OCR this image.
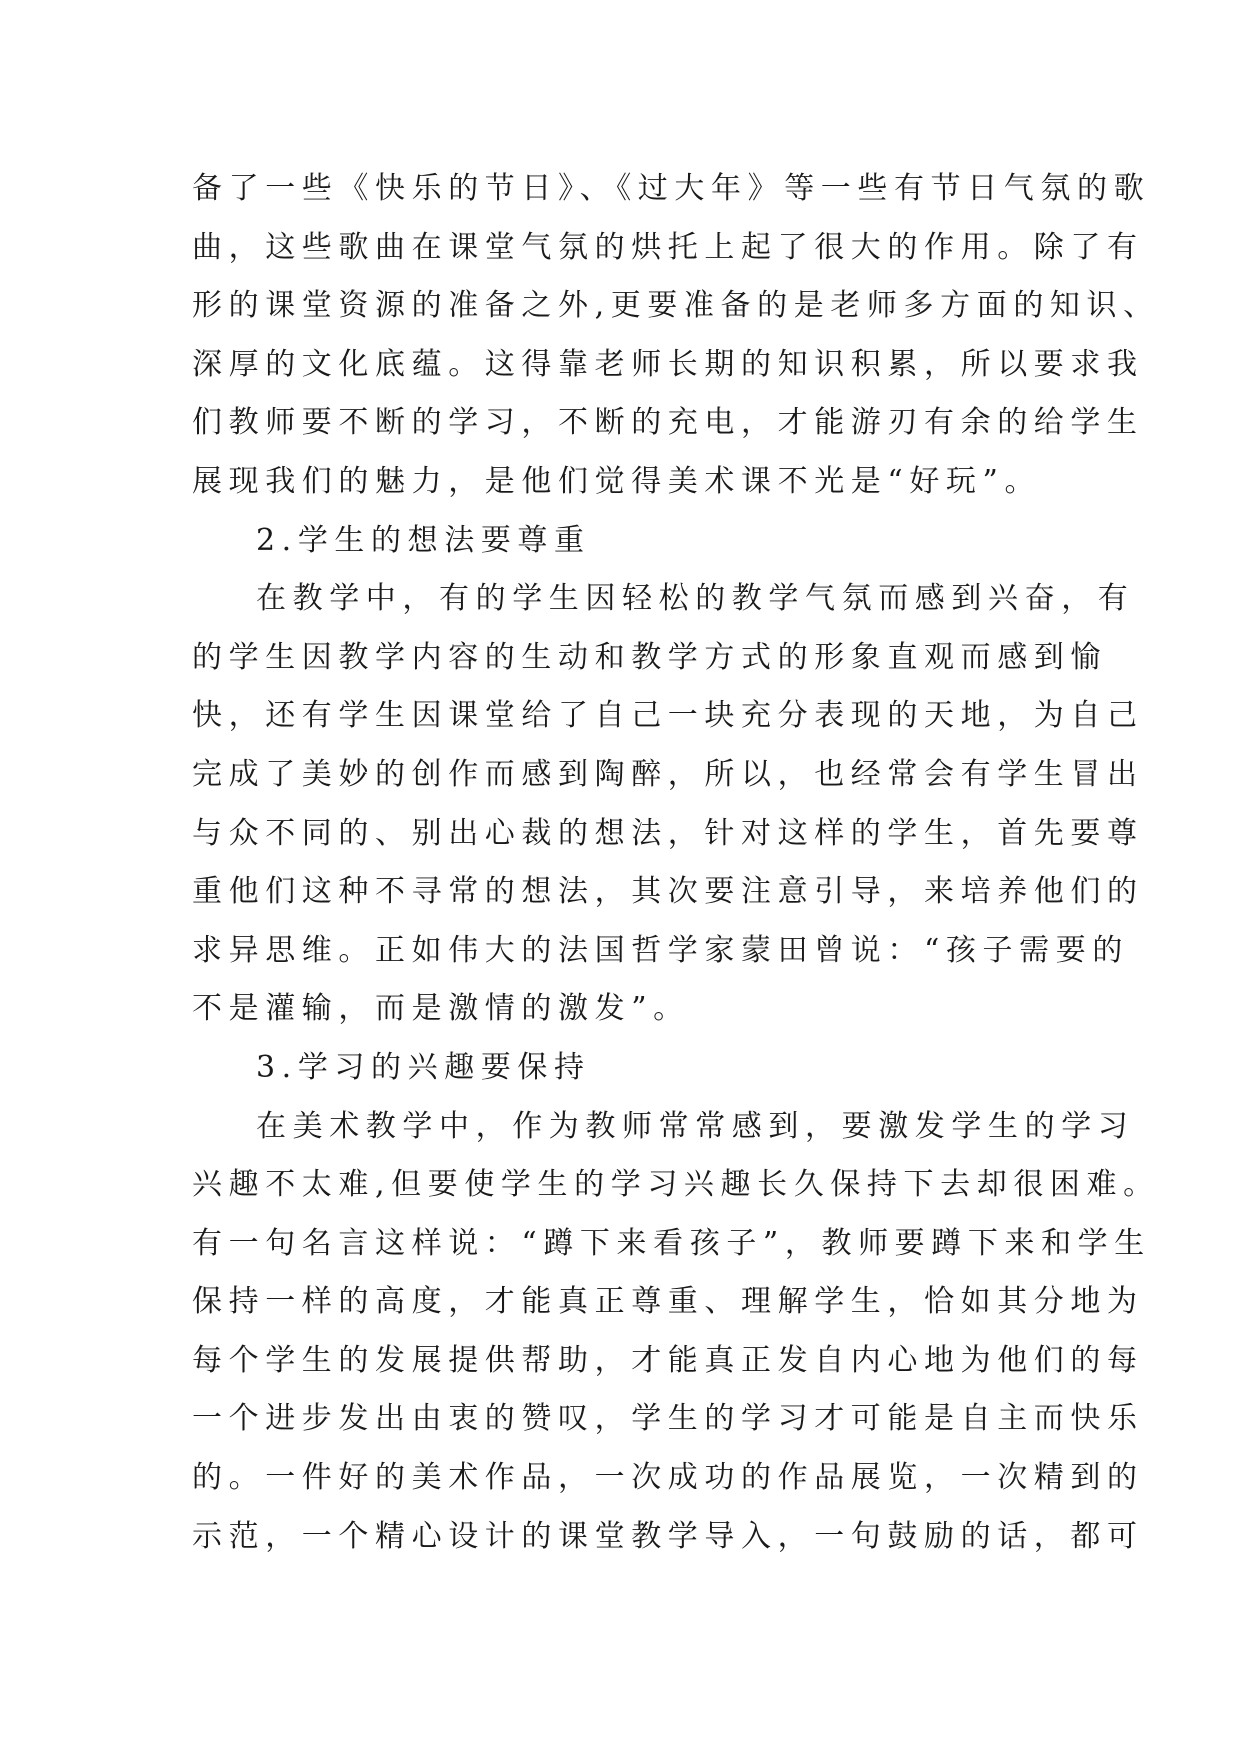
备了一些《快乐的节日》、《过大年》等一些有节日气氛的歌
曲，这些歌曲在课堂气氛的烘托上起了很大的作用。除了有
形的课堂资源的准备之外,更要准备的是老师多方面的知识、
深厚的文化底蕴。这得靠老师长期的知识积累，所以要求我
们教师要不断的学习，不断的充电，才能游刃有余的给学生
展现我们的魅力，是他们觉得美术课不光是“好玩”。
2.学生的想法要尊重
在教学中，有的学生因轻松的教学气氛而感到兴奋，有
的学生因教学内容的生动和教学方式的形象直观而感到愉
快，还有学生因课堂给了自己一块充分表现的天地，为自己
完成了美妙的创作而感到陶醉，所以，也经常会有学生冒出
与众不同的、别出心裁的想法，针对这样的学生，首先要尊
重他们这种不寻常的想法，其次要注意引导，来培养他们的
求异思维。正如伟大的法国哲学家蒙田曾说：“孩子需要的
不是灌输，而是激情的激发”。
3.学习的兴趣要保持
在美术教学中，作为教师常常感到，要激发学生的学习
兴趣不太难,但要使学生的学习兴趣长久保持下去却很困难。
有一句名言这样说：“蹲下来看孩子”，教师要蹲下来和学生
保持一样的高度，才能真正尊重、理解学生，恰如其分地为
每个学生的发展提供帮助，才能真正发自内心地为他们的每
一个进步发出由衷的赞叹，学生的学习才可能是自主而快乐
的。一件好的美术作品，一次成功的作品展览，一次精到的
示范，一个精心设计的课堂教学导入，一句鼓励的话，都可
